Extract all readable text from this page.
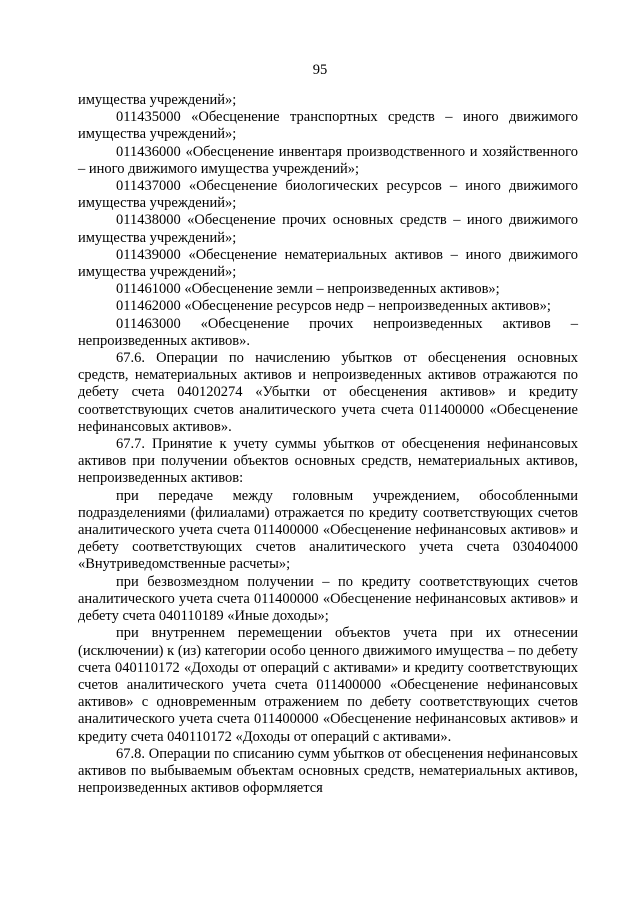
95

имущества учреждений»;

011435000 «Обесценение транспортных средств – иного движимого имущества учреждений»;

011436000 «Обесценение инвентаря производственного и хозяйственного – иного движимого имущества учреждений»;

011437000 «Обесценение биологических ресурсов – иного движимого имущества учреждений»;

011438000 «Обесценение прочих основных средств – иного движимого имущества учреждений»;

011439000 «Обесценение нематериальных активов – иного движимого имущества учреждений»;

011461000 «Обесценение земли – непроизведенных активов»;

011462000 «Обесценение ресурсов недр – непроизведенных активов»;

011463000 «Обесценение прочих непроизведенных активов – непроизведенных активов».

67.6. Операции по начислению убытков от обесценения основных средств, нематериальных активов и непроизведенных активов отражаются по дебету счета 040120274 «Убытки от обесценения активов» и кредиту соответствующих счетов аналитического учета счета 011400000 «Обесценение нефинансовых активов».

67.7. Принятие к учету суммы убытков от обесценения нефинансовых активов при получении объектов основных средств, нематериальных активов, непроизведенных активов:

при передаче между головным учреждением, обособленными подразделениями (филиалами) отражается по кредиту соответствующих счетов аналитического учета счета 011400000 «Обесценение нефинансовых активов» и дебету соответствующих счетов аналитического учета счета 030404000 «Внутриведомственные расчеты»;

при безвозмездном получении – по кредиту соответствующих счетов аналитического учета счета 011400000 «Обесценение нефинансовых активов» и дебету счета 040110189 «Иные доходы»;

при внутреннем перемещении объектов учета при их отнесении (исключении) к (из) категории особо ценного движимого имущества – по дебету счета 040110172 «Доходы от операций с активами» и кредиту соответствующих счетов аналитического учета счета 011400000 «Обесценение нефинансовых активов» с одновременным отражением по дебету соответствующих счетов аналитического учета счета 011400000 «Обесценение нефинансовых активов» и кредиту счета 040110172 «Доходы от операций с активами».

67.8. Операции по списанию сумм убытков от обесценения нефинансовых активов по выбываемым объектам основных средств, нематериальных активов, непроизведенных активов оформляется
